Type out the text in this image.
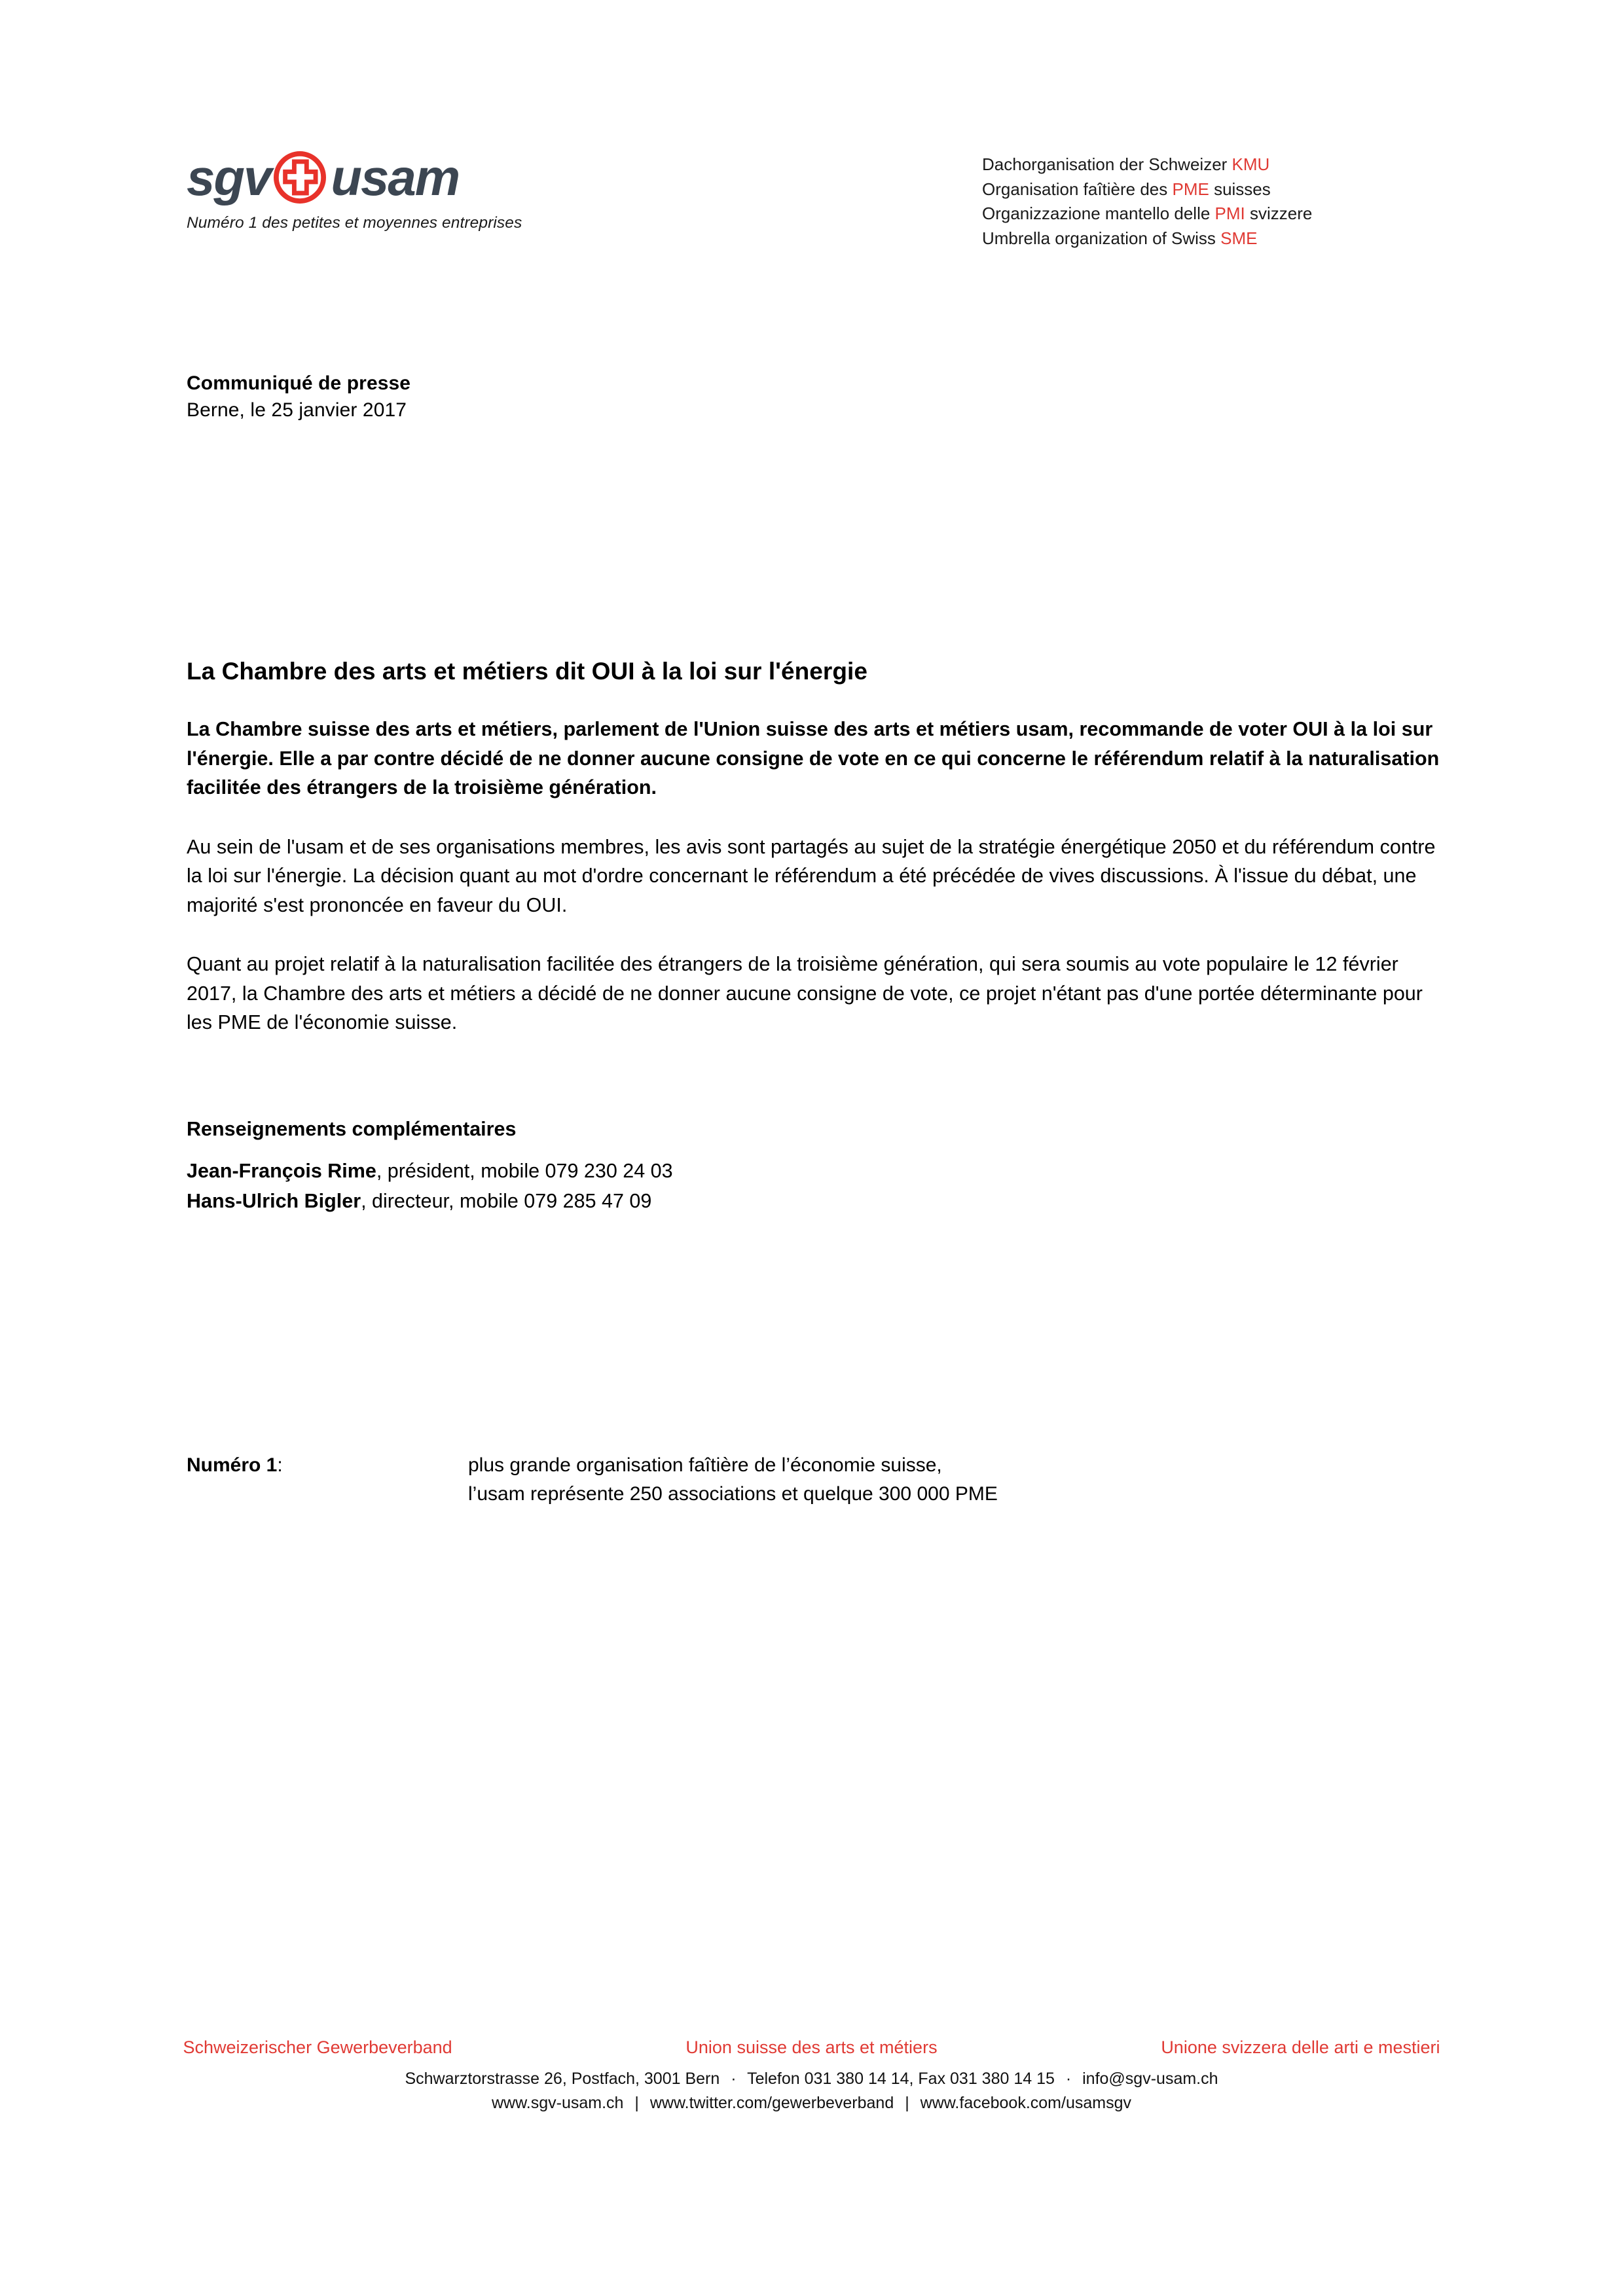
sgv usam
Numéro 1 des petites et moyennes entreprises
Dachorganisation der Schweizer KMU
Organisation faîtière des PME suisses
Organizzazione mantello delle PMI svizzere
Umbrella organization of Swiss SME
Communiqué de presse
Berne, le 25 janvier 2017
La Chambre des arts et métiers dit OUI à la loi sur l'énergie

La Chambre suisse des arts et métiers, parlement de l'Union suisse des arts et métiers usam, recommande de voter OUI à la loi sur l'énergie. Elle a par contre décidé de ne donner aucune consigne de vote en ce qui concerne le référendum relatif à la naturalisation facilitée des étrangers de la troisième génération.

Au sein de l'usam et de ses organisations membres, les avis sont partagés au sujet de la stratégie énergétique 2050 et du référendum contre la loi sur l'énergie. La décision quant au mot d'ordre concernant le référendum a été précédée de vives discussions. À l'issue du débat, une majorité s'est prononcée en faveur du OUI.

Quant au projet relatif à la naturalisation facilitée des étrangers de la troisième génération, qui sera soumis au vote populaire le 12 février 2017, la Chambre des arts et métiers a décidé de ne donner aucune consigne de vote, ce projet n'étant pas d'une portée déterminante pour les PME de l'économie suisse.

Renseignements complémentaires
Jean-François Rime, président, mobile 079 230 24 03
Hans-Ulrich Bigler, directeur, mobile 079 285 47 09
Numéro 1:	plus grande organisation faîtière de l’économie suisse,
l’usam représente 250 associations et quelque 300 000 PME
Schweizerischer Gewerbeverband	Union suisse des arts et métiers	Unione svizzera delle arti e mestieri
Schwarztorstrasse 26, Postfach, 3001 Bern · Telefon 031 380 14 14, Fax 031 380 14 15 · info@sgv-usam.ch
www.sgv-usam.ch | www.twitter.com/gewerbeverband | www.facebook.com/usamsgv
